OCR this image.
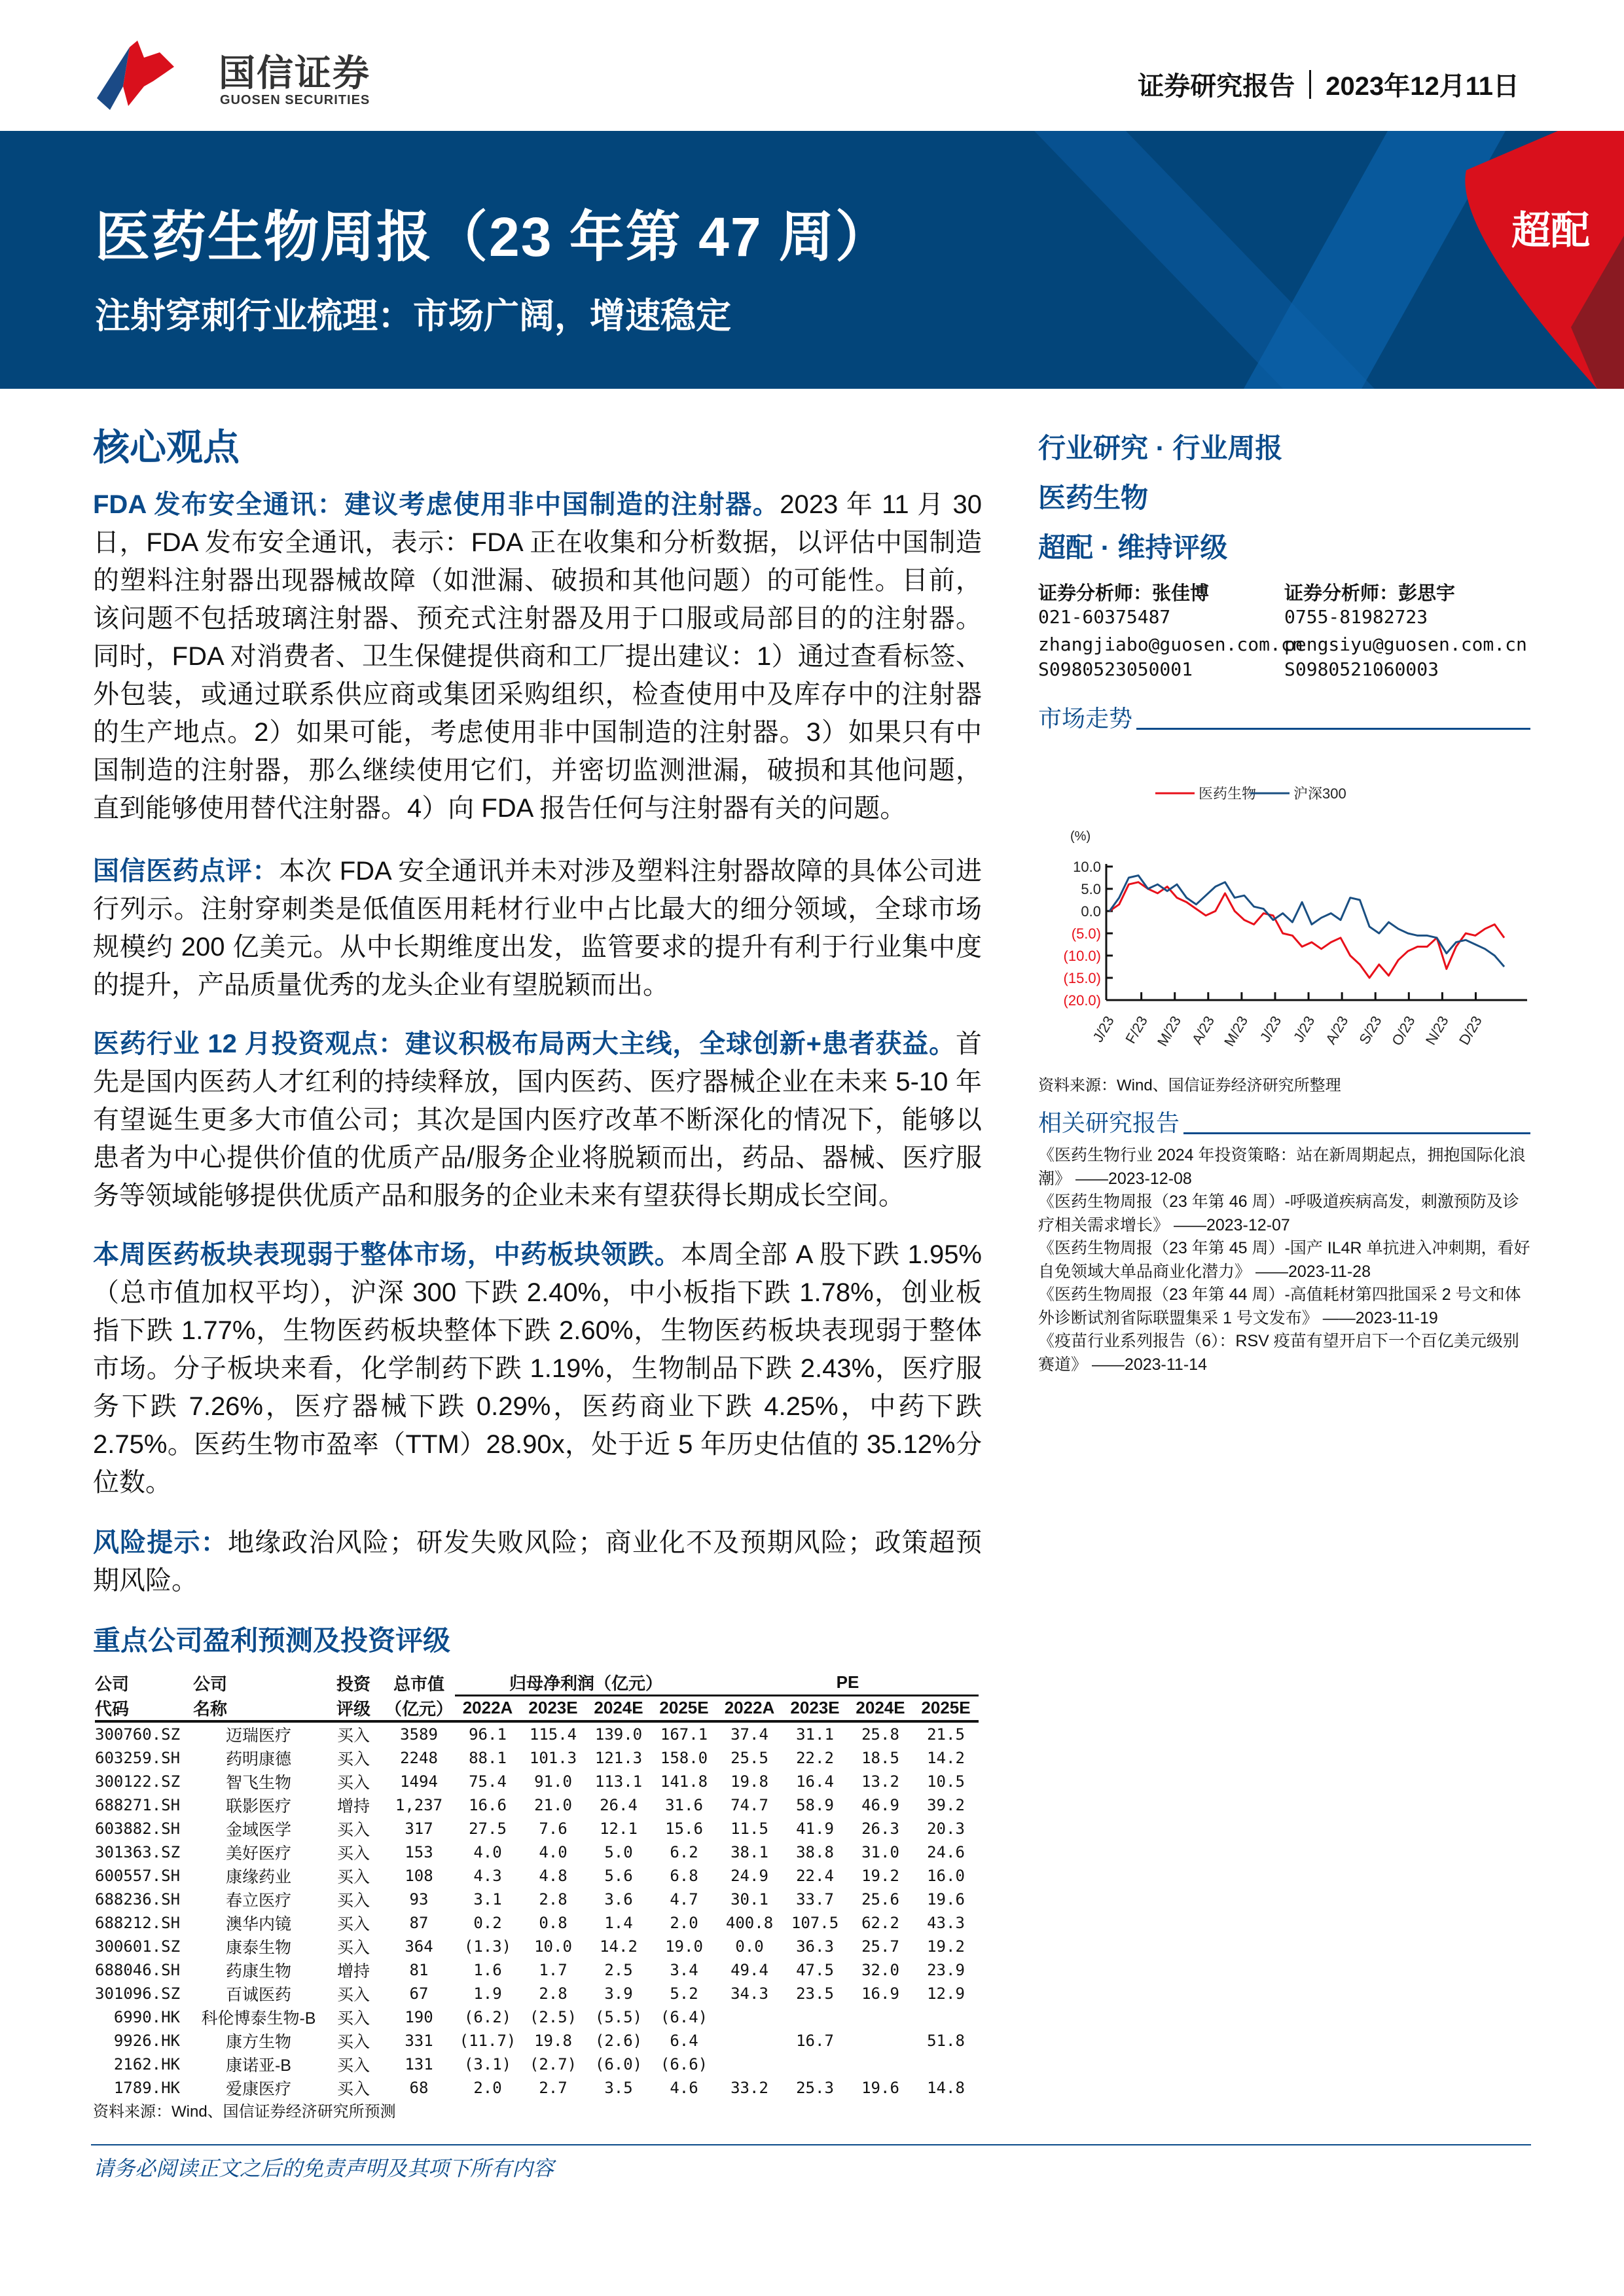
国信证券
GUOSEN SECURITIES	证券研究报告 2023年12月11日
医药生物周报（23 年第 47 周）
注射穿刺行业梳理：市场广阔，增速稳定
超配
核心观点
FDA 发布安全通讯：建议考虑使用非中国制造的注射器。2023 年 11 月 30 日，FDA 发布安全通讯，表示：FDA 正在收集和分析数据，以评估中国制造的塑料注射器出现器械故障（如泄漏、破损和其他问题）的可能性。目前，该问题不包括玻璃注射器、预充式注射器及用于口服或局部目的的注射器。同时，FDA 对消费者、卫生保健提供商和工厂提出建议：1）通过查看标签、外包装，或通过联系供应商或集团采购组织，检查使用中及库存中的注射器的生产地点。2）如果可能，考虑使用非中国制造的注射器。3）如果只有中国制造的注射器，那么继续使用它们，并密切监测泄漏，破损和其他问题，直到能够使用替代注射器。4）向 FDA 报告任何与注射器有关的问题。
国信医药点评：本次 FDA 安全通讯并未对涉及塑料注射器故障的具体公司进行列示。注射穿刺类是低值医用耗材行业中占比最大的细分领域，全球市场规模约 200 亿美元。从中长期维度出发，监管要求的提升有利于行业集中度的提升，产品质量优秀的龙头企业有望脱颖而出。
医药行业 12 月投资观点：建议积极布局两大主线，全球创新+患者获益。首先是国内医药人才红利的持续释放，国内医药、医疗器械企业在未来 5-10 年有望诞生更多大市值公司；其次是国内医疗改革不断深化的情况下，能够以患者为中心提供价值的优质产品/服务企业将脱颖而出，药品、器械、医疗服务等领域能够提供优质产品和服务的企业未来有望获得长期成长空间。
本周医药板块表现弱于整体市场，中药板块领跌。本周全部 A 股下跌 1.95%（总市值加权平均），沪深 300 下跌 2.40%，中小板指下跌 1.78%，创业板指下跌 1.77%，生物医药板块整体下跌 2.60%，生物医药板块表现弱于整体市场。分子板块来看，化学制药下跌 1.19%，生物制品下跌 2.43%，医疗服务下跌 7.26%，医疗器械下跌 0.29%，医药商业下跌 4.25%，中药下跌 2.75%。医药生物市盈率（TTM）28.90x，处于近 5 年历史估值的 35.12%分位数。
风险提示：地缘政治风险；研发失败风险；商业化不及预期风险；政策超预期风险。
重点公司盈利预测及投资评级
公司	公司	投资	总市值	归母净利润（亿元）				PE			
代码	名称	评级	（亿元）	2022A	2023E	2024E	2025E	2022A	2023E	2024E	2025E
300760.SZ	迈瑞医疗	买入	3589	96.1	115.4	139.0	167.1	37.4	31.1	25.8	21.5
603259.SH	药明康德	买入	2248	88.1	101.3	121.3	158.0	25.5	22.2	18.5	14.2
300122.SZ	智飞生物	买入	1494	75.4	91.0	113.1	141.8	19.8	16.4	13.2	10.5
688271.SH	联影医疗	增持	1,237	16.6	21.0	26.4	31.6	74.7	58.9	46.9	39.2
603882.SH	金域医学	买入	317	27.5	7.6	12.1	15.6	11.5	41.9	26.3	20.3
301363.SZ	美好医疗	买入	153	4.0	4.0	5.0	6.2	38.1	38.8	31.0	24.6
600557.SH	康缘药业	买入	108	4.3	4.8	5.6	6.8	24.9	22.4	19.2	16.0
688236.SH	春立医疗	买入	93	3.1	2.8	3.6	4.7	30.1	33.7	25.6	19.6
688212.SH	澳华内镜	买入	87	0.2	0.8	1.4	2.0	400.8	107.5	62.2	43.3
300601.SZ	康泰生物	买入	364	(1.3)	10.0	14.2	19.0	0.0	36.3	25.7	19.2
688046.SH	药康生物	增持	81	1.6	1.7	2.5	3.4	49.4	47.5	32.0	23.9
301096.SZ	百诚医药	买入	67	1.9	2.8	3.9	5.2	34.3	23.5	16.9	12.9
6990.HK	科伦博泰生物-B	买入	190	(6.2)	(2.5)	(5.5)	(6.4)				
9926.HK	康方生物	买入	331	(11.7)	19.8	(2.6)	6.4		16.7		51.8
2162.HK	康诺亚-B	买入	131	(3.1)	(2.7)	(6.0)	(6.6)				
1789.HK	爱康医疗	买入	68	2.0	2.7	3.5	4.6	33.2	25.3	19.6	14.8
资料来源：Wind、国信证券经济研究所预测
行业研究 · 行业周报
医药生物
超配 · 维持评级
证券分析师：张佳博
021-60375487
zhangjiabo@guosen.com.cn
S0980523050001
证券分析师：彭思宇
0755-81982723
pengsiyu@guosen.com.cn
S0980521060003
市场走势
医药生物	沪深300
(%)
10.0
5.0
0.0
(5.0)
(10.0)
(15.0)
(20.0)
J/23 F/23 M/23 A/23 M/23 J/23 J/23 A/23 S/23 O/23 N/23 D/23
资料来源：Wind、国信证券经济研究所整理
相关研究报告
《医药生物行业 2024 年投资策略：站在新周期起点，拥抱国际化浪潮》 ——2023-12-08
《医药生物周报（23 年第 46 周）-呼吸道疾病高发，刺激预防及诊疗相关需求增长》 ——2023-12-07
《医药生物周报（23 年第 45 周）-国产 IL4R 单抗进入冲刺期，看好自免领域大单品商业化潜力》 ——2023-11-28
《医药生物周报（23 年第 44 周）-高值耗材第四批国采 2 号文和体外诊断试剂省际联盟集采 1 号文发布》 ——2023-11-19
《疫苗行业系列报告（6）：RSV 疫苗有望开启下一个百亿美元级别赛道》 ——2023-11-14
请务必阅读正文之后的免责声明及其项下所有内容
